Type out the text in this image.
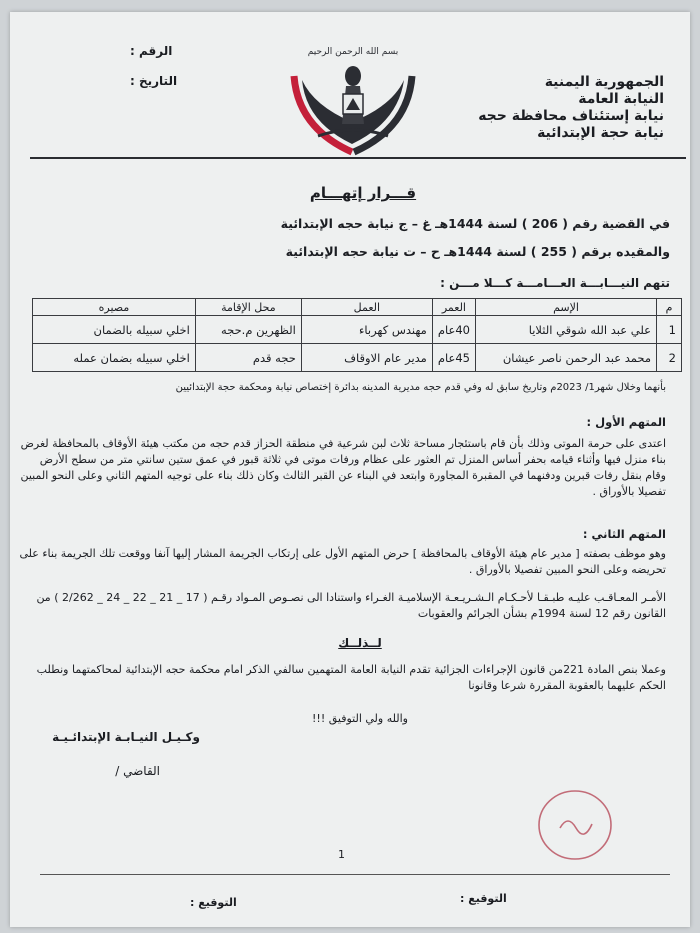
الجمهورية اليمنية
النيابة العامة
نيابة إستئناف محافظة حجه
نيابة حجة الإبتدائية
الرقم :
التاريخ :
بسم الله الرحمن الرحيم
قـــرار إتهـــام
في القضية رقم ( 206 ) لسنة 1444هـ غ – ج نيابة حجه الإبتدائية
والمقيده برقم ( 255 ) لسنة 1444هـ ح – ت نيابة حجه الإبتدائية
تتهم النيـــابـــة العـــامـــة كـــلا مـــن :
م	الإسم	العمر	العمل	محل الإقامة	مصيره
1	علي عبد الله شوقي الثلايا	40عام	مهندس كهرباء	الظهرين م.حجه	اخلي سبيله بالضمان
2	محمد عبد الرحمن ناصر عيشان	45عام	مدير عام الاوقاف	حجه قدم	اخلي سبيله بضمان عمله
بأنهما وخلال شهر1/ 2023م وتاريخ سابق له وفي قدم حجه مديرية المدينه بدائرة إختصاص نيابة ومحكمة حجة الإبتدائيين
المتهم الأول :
اعتدى على حرمة الموتى وذلك بأن قام باستئجار مساحة ثلاث لبن شرعية في منطقة الحزاز قدم حجه من مكتب هيئة الأوقاف بالمحافظة لغرض بناء منزل فيها وأثناء قيامه بحفر أساس المنزل تم العثور على عظام ورفات موتى في ثلاثة قبور في عمق ستين سانتي متر من سطح الأرض وقام بنقل رفات قبرين ودفنهما في المقبرة المجاورة وابتعد في البناء عن القبر الثالث وكان ذلك بناء على توجيه المتهم الثاني وعلى النحو المبين تفصيلا بالأوراق .
المتهم الثاني :
وهو موظف بصفته [ مدير عام هيئة الأوقاف بالمحافظة ] حرض المتهم الأول على إرتكاب الجريمة المشار إليها آنفا ووقعت تلك الجريمة بناء على تحريضه وعلى النحو المبين تفصيلا بالأوراق .
الأمـر المعـاقـب عليـه طبـقـا لأحـكـام الـشـريـعـة الإسلاميـة الغـراء واستنادا الى نصـوص المـواد رقـم ( 17 _ 21 _ 22 _ 24 _ 2/262 ) من القانون رقم 12 لسنة 1994م بشأن الجرائم والعقوبات
لــذلــك
وعملا بنص المادة 221من قانون الإجراءات الجزائية تقدم النيابة العامة المتهمين سالفي الذكر امام محكمة حجه الإبتدائية لمحاكمتهما ونطلب الحكم عليهما بالعقوبة المقررة شرعا وقانونا
والله ولي التوفيق !!!
وكـيـل النيـابـة الإبتدائـيـة
القاضي /
1
التوقيع :
التوقيع :
